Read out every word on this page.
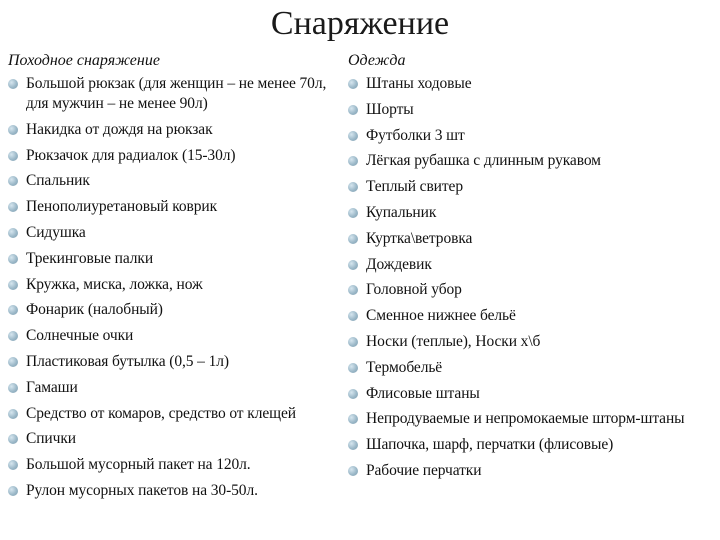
Снаряжение
Походное снаряжение
Большой рюкзак (для женщин – не менее 70л, для мужчин – не менее 90л)
Накидка от дождя на рюкзак
Рюкзачок для радиалок (15-30л)
Спальник
Пенополиуретановый коврик
Сидушка
Трекинговые палки
Кружка, миска, ложка, нож
Фонарик (налобный)
Солнечные очки
Пластиковая бутылка (0,5 – 1л)
Гамаши
Средство от комаров, средство от клещей
Спички
Большой мусорный пакет на 120л.
Рулон мусорных пакетов на 30-50л.
Одежда
Штаны ходовые
Шорты
Футболки 3 шт
Лёгкая рубашка с длинным рукавом
Теплый свитер
Купальник
Куртка\ветровка
Дождевик
Головной убор
Сменное нижнее бельё
Носки (теплые), Носки х\б
Термобельё
Флисовые штаны
Непродуваемые и непромокаемые шторм-штаны
Шапочка, шарф, перчатки (флисовые)
Рабочие перчатки
